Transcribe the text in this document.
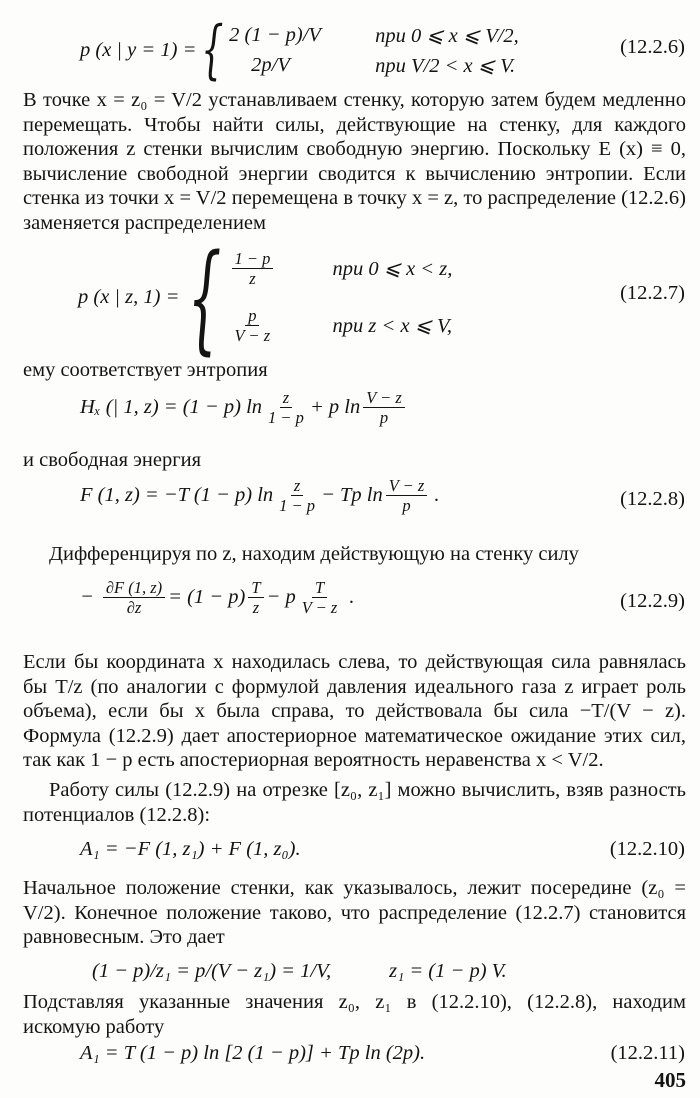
p (x | y = 1) = { 2 (1 − p)/V	при 0 ⩽ x ⩽ V/2,
2p/V	при V/2 < x ⩽ V.
(12.2.6)
В точке x = z₀ = V/2 устанавливаем стенку, которую затем будем медленно перемещать. Чтобы найти силы, действующие на стенку, для каждого положения z стенки вычислим свободную энергию. Поскольку E (x) ≡ 0, вычисление свободной энергии сводится к вычислению энтропии. Если стенка из точки x = V/2 перемещена в точку x = z, то распределение (12.2.6) заменяется распределением
p (x | z, 1) = { $\frac{1 - p}{z}$	при 0 ⩽ x < z,
$\frac{p}{V - z}$	при z < x ⩽ V,
(12.2.7)
ему соответствует энтропия
Hₓ (| 1, z) = (1 − p) $\ln \frac{z}{1 - p} + p$ $\ln \frac{V - z}{p}$
и свободная энергия
F (1, z) = −T (1 − p) $\ln \frac{z}{1 - p} - Tp$ $\ln \frac{V - z}{p}$ .	(12.2.8)
Дифференцируя по z, находим действующую на стенку силу
− $\frac{\partial F (1, z)}{\partial z} = (1 - p) \frac{T}{z} - p \frac{T}{V - z}$ .	(12.2.9)
Если бы координата x находилась слева, то действующая сила равнялась бы T/z (по аналогии с формулой давления идеального газа z играет роль объема), если бы x была справа, то действовала бы сила −T/(V − z). Формула (12.2.9) дает апостериорное математическое ожидание этих сил, так как 1 − p есть апостериорная вероятность неравенства x < V/2.
Работу силы (12.2.9) на отрезке [z₀, z₁] можно вычислить, взяв разность потенциалов (12.2.8):
A₁ = −F (1, z₁) + F (1, z₀).	(12.2.10)
Начальное положение стенки, как указывалось, лежит посередине (z₀ = V/2). Конечное положение таково, что распределение (12.2.7) становится равновесным. Это дает
(1 − p)/z₁ = p/(V − z₁) = 1/V,	z₁ = (1 − p) V.
Подставляя указанные значения z₀, z₁ в (12.2.10), (12.2.8), находим искомую работу
A₁ = T (1 − p) ln [2 (1 − p)] + Tp ln (2p).	(12.2.11)
405
